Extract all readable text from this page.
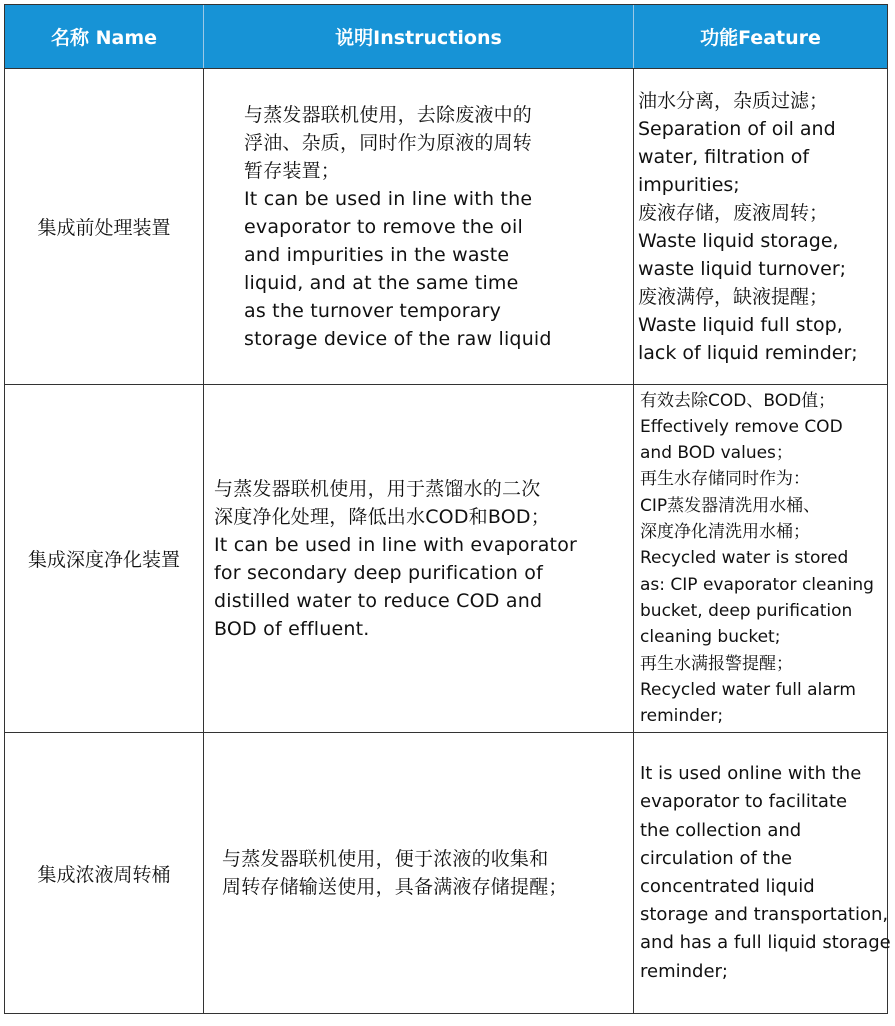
名称 Name	说明Instructions	功能Feature
集成前处理装置
与蒸发器联机使用，去除废液中的
浮油、杂质，同时作为原液的周转
暂存装置；
It can be used in line with the
evaporator to remove the oil
and impurities in the waste
liquid, and at the same time
as the turnover temporary
storage device of the raw liquid
油水分离，杂质过滤；
Separation of oil and
water, filtration of
impurities;
废液存储，废液周转；
Waste liquid storage,
waste liquid turnover;
废液满停，缺液提醒；
Waste liquid full stop,
lack of liquid reminder;
集成深度净化装置
与蒸发器联机使用，用于蒸馏水的二次
深度净化处理，降低出水COD和BOD；
It can be used in line with evaporator
for secondary deep purification of
distilled water to reduce COD and
BOD of effluent.
有效去除COD、BOD值；
Effectively remove COD
and BOD values；
再生水存储同时作为：
CIP蒸发器清洗用水桶、
深度净化清洗用水桶；
Recycled water is stored
as: CIP evaporator cleaning
bucket, deep purification
cleaning bucket;
再生水满报警提醒；
Recycled water full alarm
reminder;
集成浓液周转桶
与蒸发器联机使用，便于浓液的收集和
周转存储输送使用，具备满液存储提醒；
It is used online with the
evaporator to facilitate
the collection and
circulation of the
concentrated liquid
storage and transportation,
and has a full liquid storage
reminder;
